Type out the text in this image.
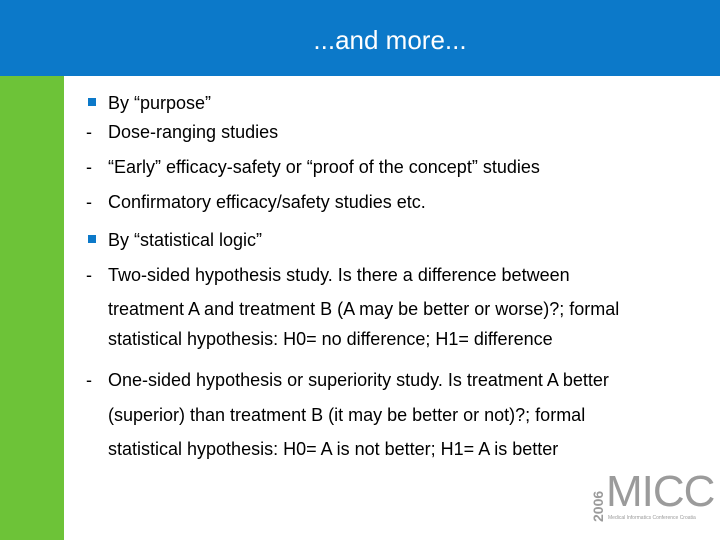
...and more...
By “purpose”
- Dose-ranging studies
- “Early” efficacy-safety or “proof of the concept” studies
- Confirmatory efficacy/safety studies etc.
By “statistical logic”
- Two-sided hypothesis study. Is there a difference between
treatment A and treatment B (A may be better or worse)?; formal
statistical hypothesis: H0= no difference; H1= difference
- One-sided hypothesis or superiority study. Is treatment A better
(superior) than treatment B (it may be better or not)?; formal
statistical hypothesis: H0= A is not better; H1= A is better
2006 MICC
Medical Informatics Conference Croatia
